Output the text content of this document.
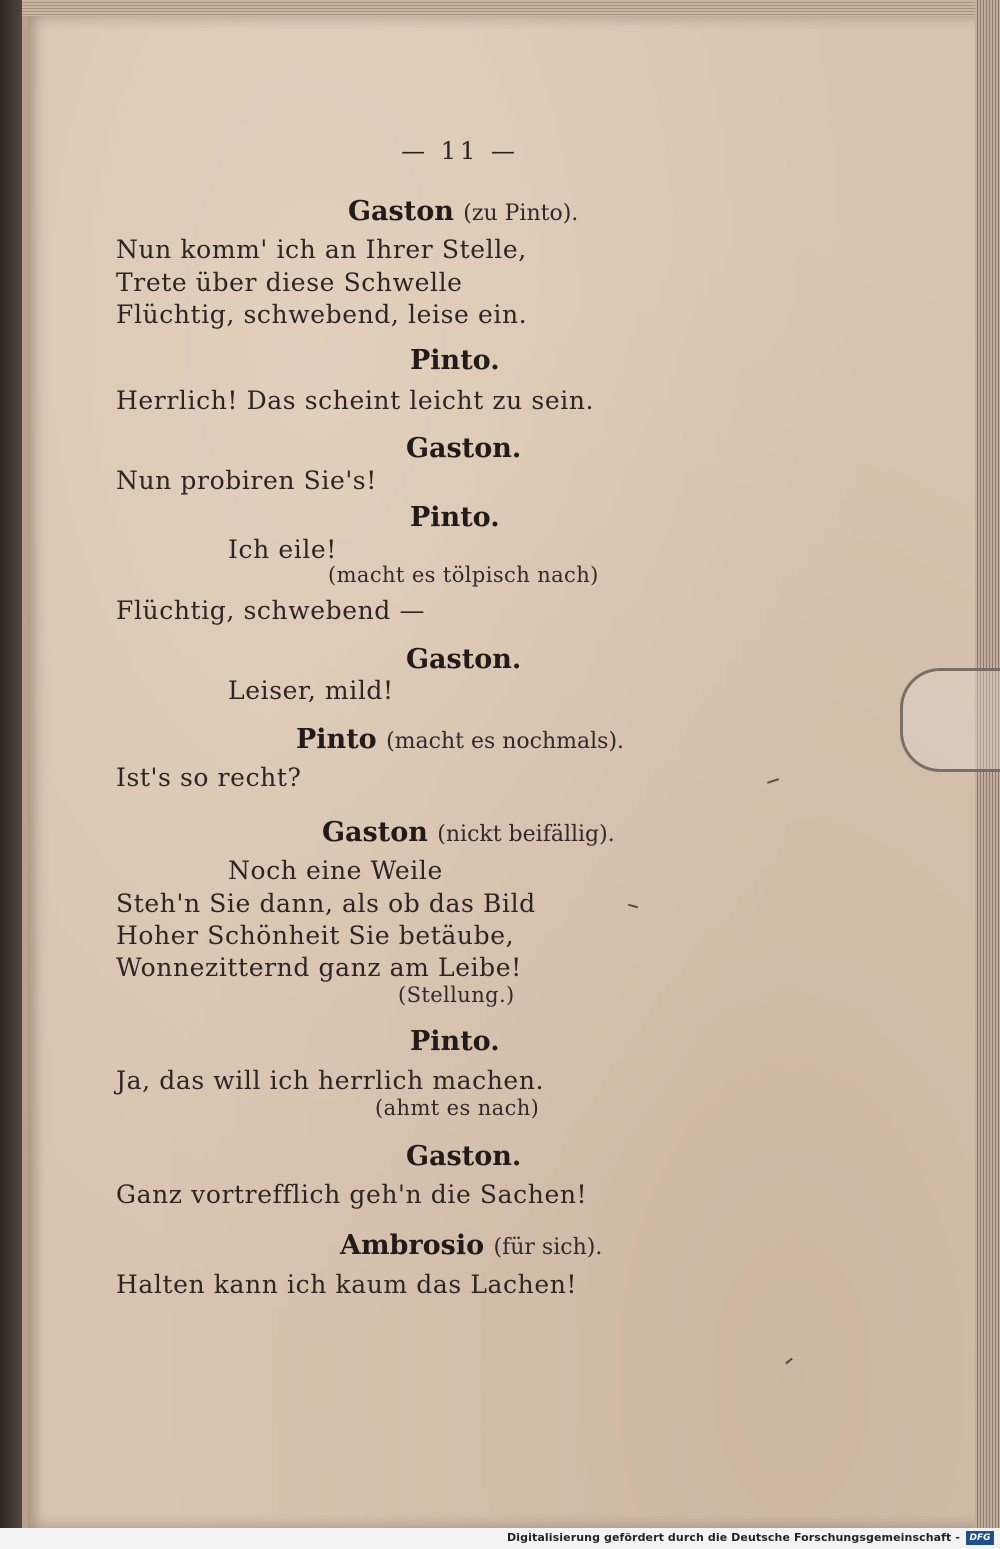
— 11 —
Gaston (zu Pinto).
Nun komm' ich an Ihrer Stelle,
Trete über diese Schwelle
Flüchtig, schwebend, leise ein.
Pinto.
Herrlich! Das scheint leicht zu sein.
Gaston.
Nun probiren Sie's!
Pinto.
Ich eile!
(macht es tölpisch nach)
Flüchtig, schwebend —
Gaston.
Leiser, mild!
Pinto (macht es nochmals).
Ist's so recht?
Gaston (nickt beifällig).
Noch eine Weile
Steh'n Sie dann, als ob das Bild
Hoher Schönheit Sie betäube,
Wonnezitternd ganz am Leibe!
(Stellung.)
Pinto.
Ja, das will ich herrlich machen.
(ahmt es nach)
Gaston.
Ganz vortrefflich geh'n die Sachen!
Ambrosio (für sich).
Halten kann ich kaum das Lachen!
Digitalisierung gefördert durch die Deutsche Forschungsgemeinschaft -	DFG
